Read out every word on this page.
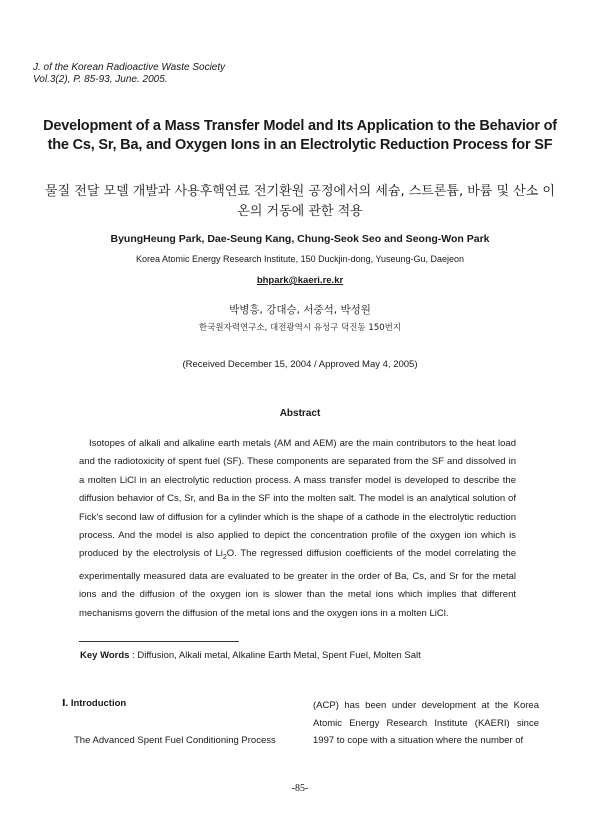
J. of the Korean Radioactive Waste Society
Vol.3(2), P. 85-93, June. 2005.
Development of a Mass Transfer Model and Its Application to the Behavior of the Cs, Sr, Ba, and Oxygen Ions in an Electrolytic Reduction Process for SF
물질 전달 모델 개발과 사용후핵연료 전기환원 공정에서의 세슘, 스트론튬, 바륨 및 산소 이온의 거동에 관한 적용
ByungHeung Park, Dae-Seung Kang, Chung-Seok Seo and Seong-Won Park
Korea Atomic Energy Research Institute, 150 Duckjin-dong, Yuseung-Gu, Daejeon
bhpark@kaeri.re.kr
박병흥, 강대승, 서중석, 박성원
한국원자력연구소, 대전광역시 유성구 덕진동 150번지
(Received December 15, 2004 / Approved May 4, 2005)
Abstract
Isotopes of alkali and alkaline earth metals (AM and AEM) are the main contributors to the heat load and the radiotoxicity of spent fuel (SF). These components are separated from the SF and dissolved in a molten LiCl in an electrolytic reduction process. A mass transfer model is developed to describe the diffusion behavior of Cs, Sr, and Ba in the SF into the molten salt. The model is an analytical solution of Fick's second law of diffusion for a cylinder which is the shape of a cathode in the electrolytic reduction process. And the model is also applied to depict the concentration profile of the oxygen ion which is produced by the electrolysis of $Li_2O$. The regressed diffusion coefficients of the model correlating the experimentally measured data are evaluated to be greater in the order of Ba, Cs, and Sr for the metal ions and the diffusion of the oxygen ion is slower than the metal ions which implies that different mechanisms govern the diffusion of the metal ions and the oxygen ions in a molten LiCl.
Key Words : Diffusion, Alkali metal, Alkaline Earth Metal, Spent Fuel, Molten Salt
Ⅰ. Introduction
The Advanced Spent Fuel Conditioning Process
(ACP) has been under development at the Korea Atomic Energy Research Institute (KAERI) since 1997 to cope with a situation where the number of
-85-
